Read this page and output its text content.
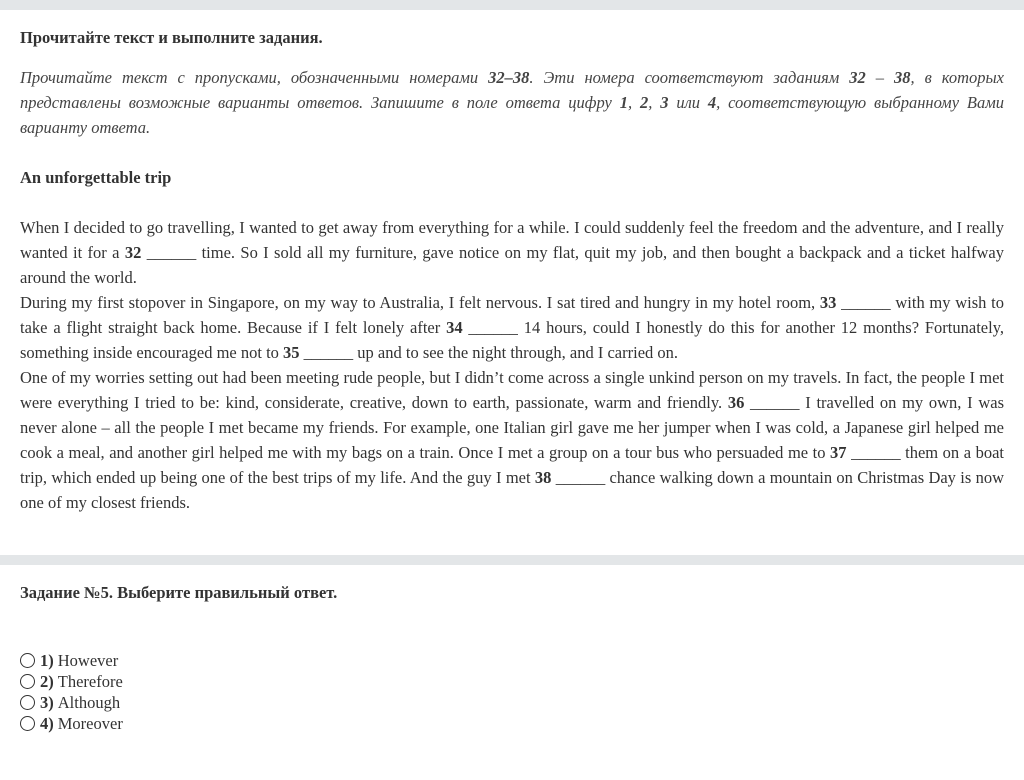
Прочитайте текст и выполните задания.
Прочитайте текст с пропусками, обозначенными номерами 32–38. Эти номера соответствуют заданиям 32 – 38, в которых представлены возможные варианты ответов. Запишите в поле ответа цифру 1, 2, 3 или 4, соответствующую выбранному Вами варианту ответа.
An unforgettable trip

When I decided to go travelling, I wanted to get away from everything for a while. I could suddenly feel the freedom and the adventure, and I really wanted it for a 32 ______ time. So I sold all my furniture, gave notice on my flat, quit my job, and then bought a backpack and a ticket halfway around the world.

During my first stopover in Singapore, on my way to Australia, I felt nervous. I sat tired and hungry in my hotel room, 33 ______ with my wish to take a flight straight back home. Because if I felt lonely after 34 ______ 14 hours, could I honestly do this for another 12 months? Fortunately, something inside encouraged me not to 35 ______ up and to see the night through, and I carried on.

One of my worries setting out had been meeting rude people, but I didn’t come across a single unkind person on my travels. In fact, the people I met were everything I tried to be: kind, considerate, creative, down to earth, passionate, warm and friendly. 36 ______ I travelled on my own, I was never alone – all the people I met became my friends. For example, one Italian girl gave me her jumper when I was cold, a Japanese girl helped me cook a meal, and another girl helped me with my bags on a train. Once I met a group on a tour bus who persuaded me to 37 ______ them on a boat trip, which ended up being one of the best trips of my life. And the guy I met 38 ______ chance walking down a mountain on Christmas Day is now one of my closest friends.

Задание №5. Выберите правильный ответ.
1) However
2) Therefore
3) Although
4) Moreover
